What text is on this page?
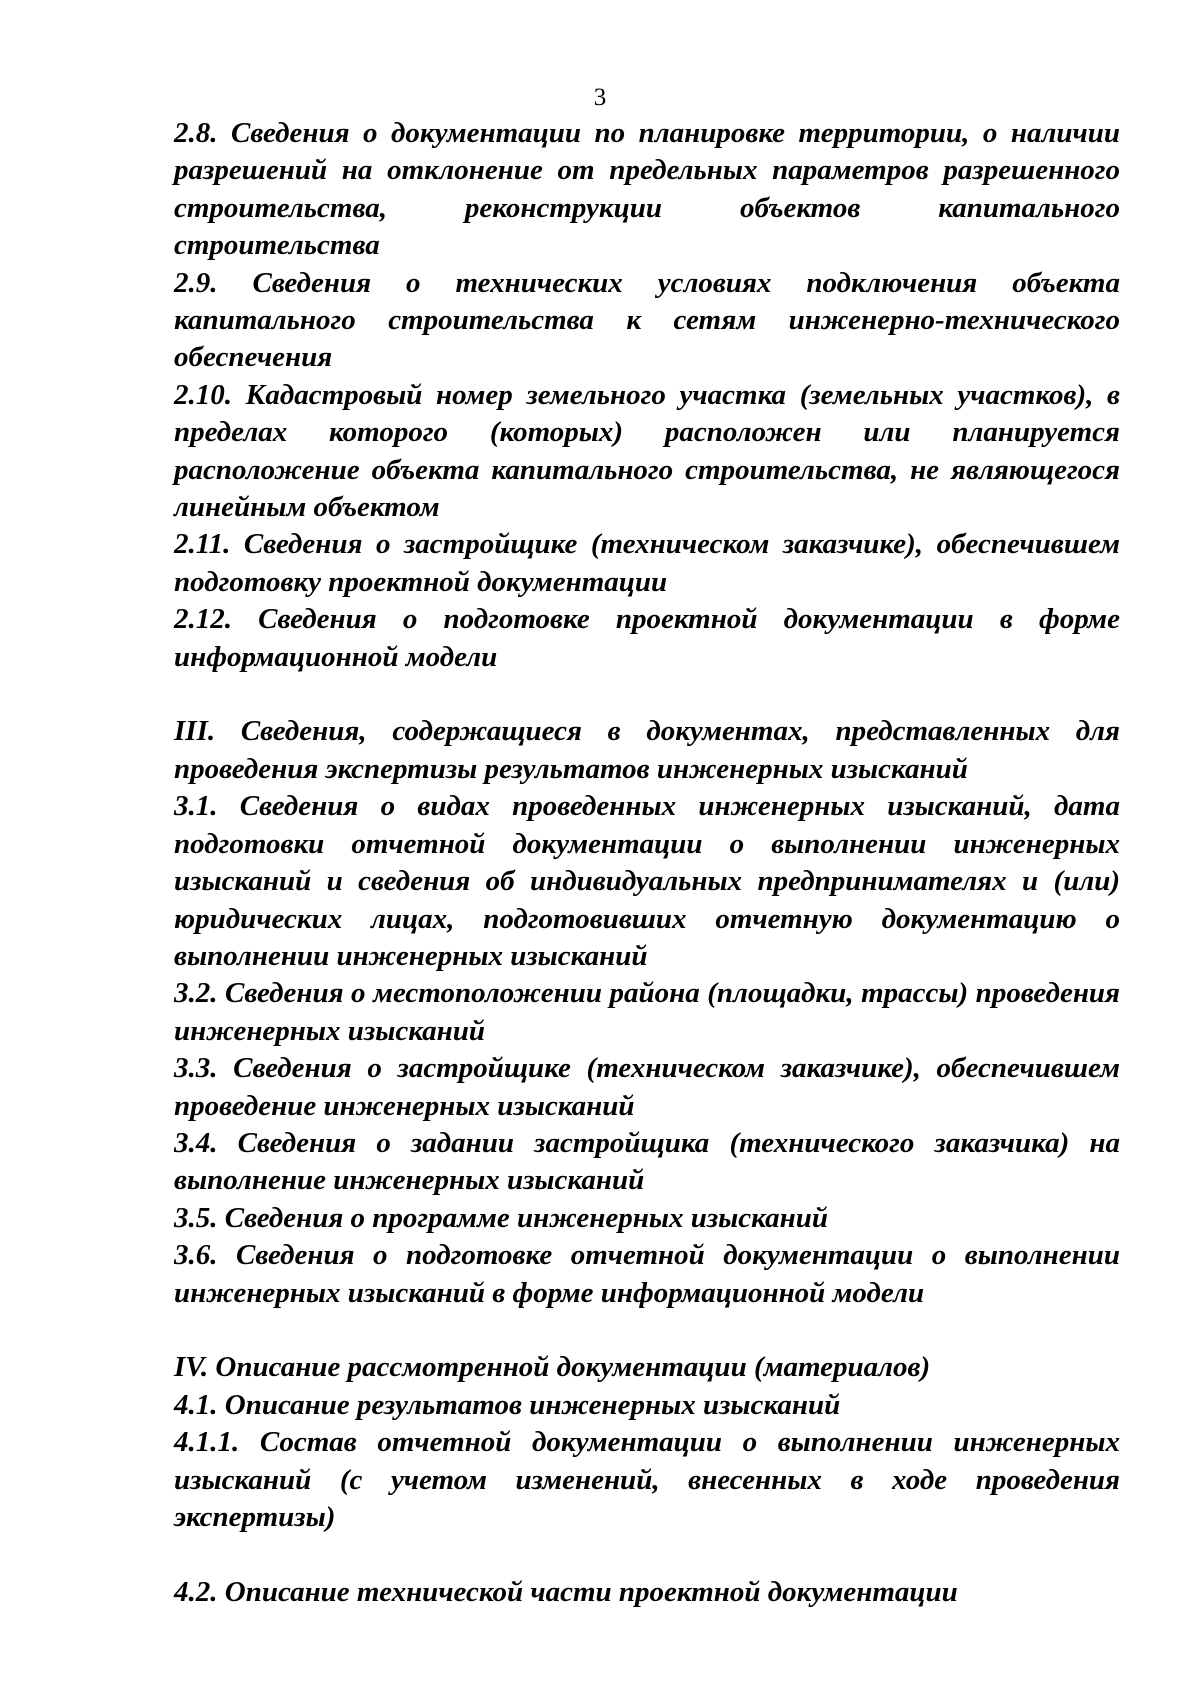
3

2.8. Сведения о документации по планировке территории, о наличии разрешений на отклонение от предельных параметров разрешенного строительства, реконструкции объектов капитального строительства

2.9. Сведения о технических условиях подключения объекта капитального строительства к сетям инженерно-технического обеспечения

2.10. Кадастровый номер земельного участка (земельных участков), в пределах которого (которых) расположен или планируется расположение объекта капитального строительства, не являющегося линейным объектом

2.11. Сведения о застройщике (техническом заказчике), обеспечившем подготовку проектной документации

2.12. Сведения о подготовке проектной документации в форме информационной модели

III. Сведения, содержащиеся в документах, представленных для проведения экспертизы результатов инженерных изысканий

3.1. Сведения о видах проведенных инженерных изысканий, дата подготовки отчетной документации о выполнении инженерных изысканий и сведения об индивидуальных предпринимателях и (или) юридических лицах, подготовивших отчетную документацию о выполнении инженерных изысканий

3.2. Сведения о местоположении района (площадки, трассы) проведения инженерных изысканий

3.3. Сведения о застройщике (техническом заказчике), обеспечившем проведение инженерных изысканий

3.4. Сведения о задании застройщика (технического заказчика) на выполнение инженерных изысканий

3.5. Сведения о программе инженерных изысканий

3.6. Сведения о подготовке отчетной документации о выполнении инженерных изысканий в форме информационной модели

IV. Описание рассмотренной документации (материалов)

4.1. Описание результатов инженерных изысканий

4.1.1. Состав отчетной документации о выполнении инженерных изысканий (с учетом изменений, внесенных в ходе проведения экспертизы)

4.2. Описание технической части проектной документации
